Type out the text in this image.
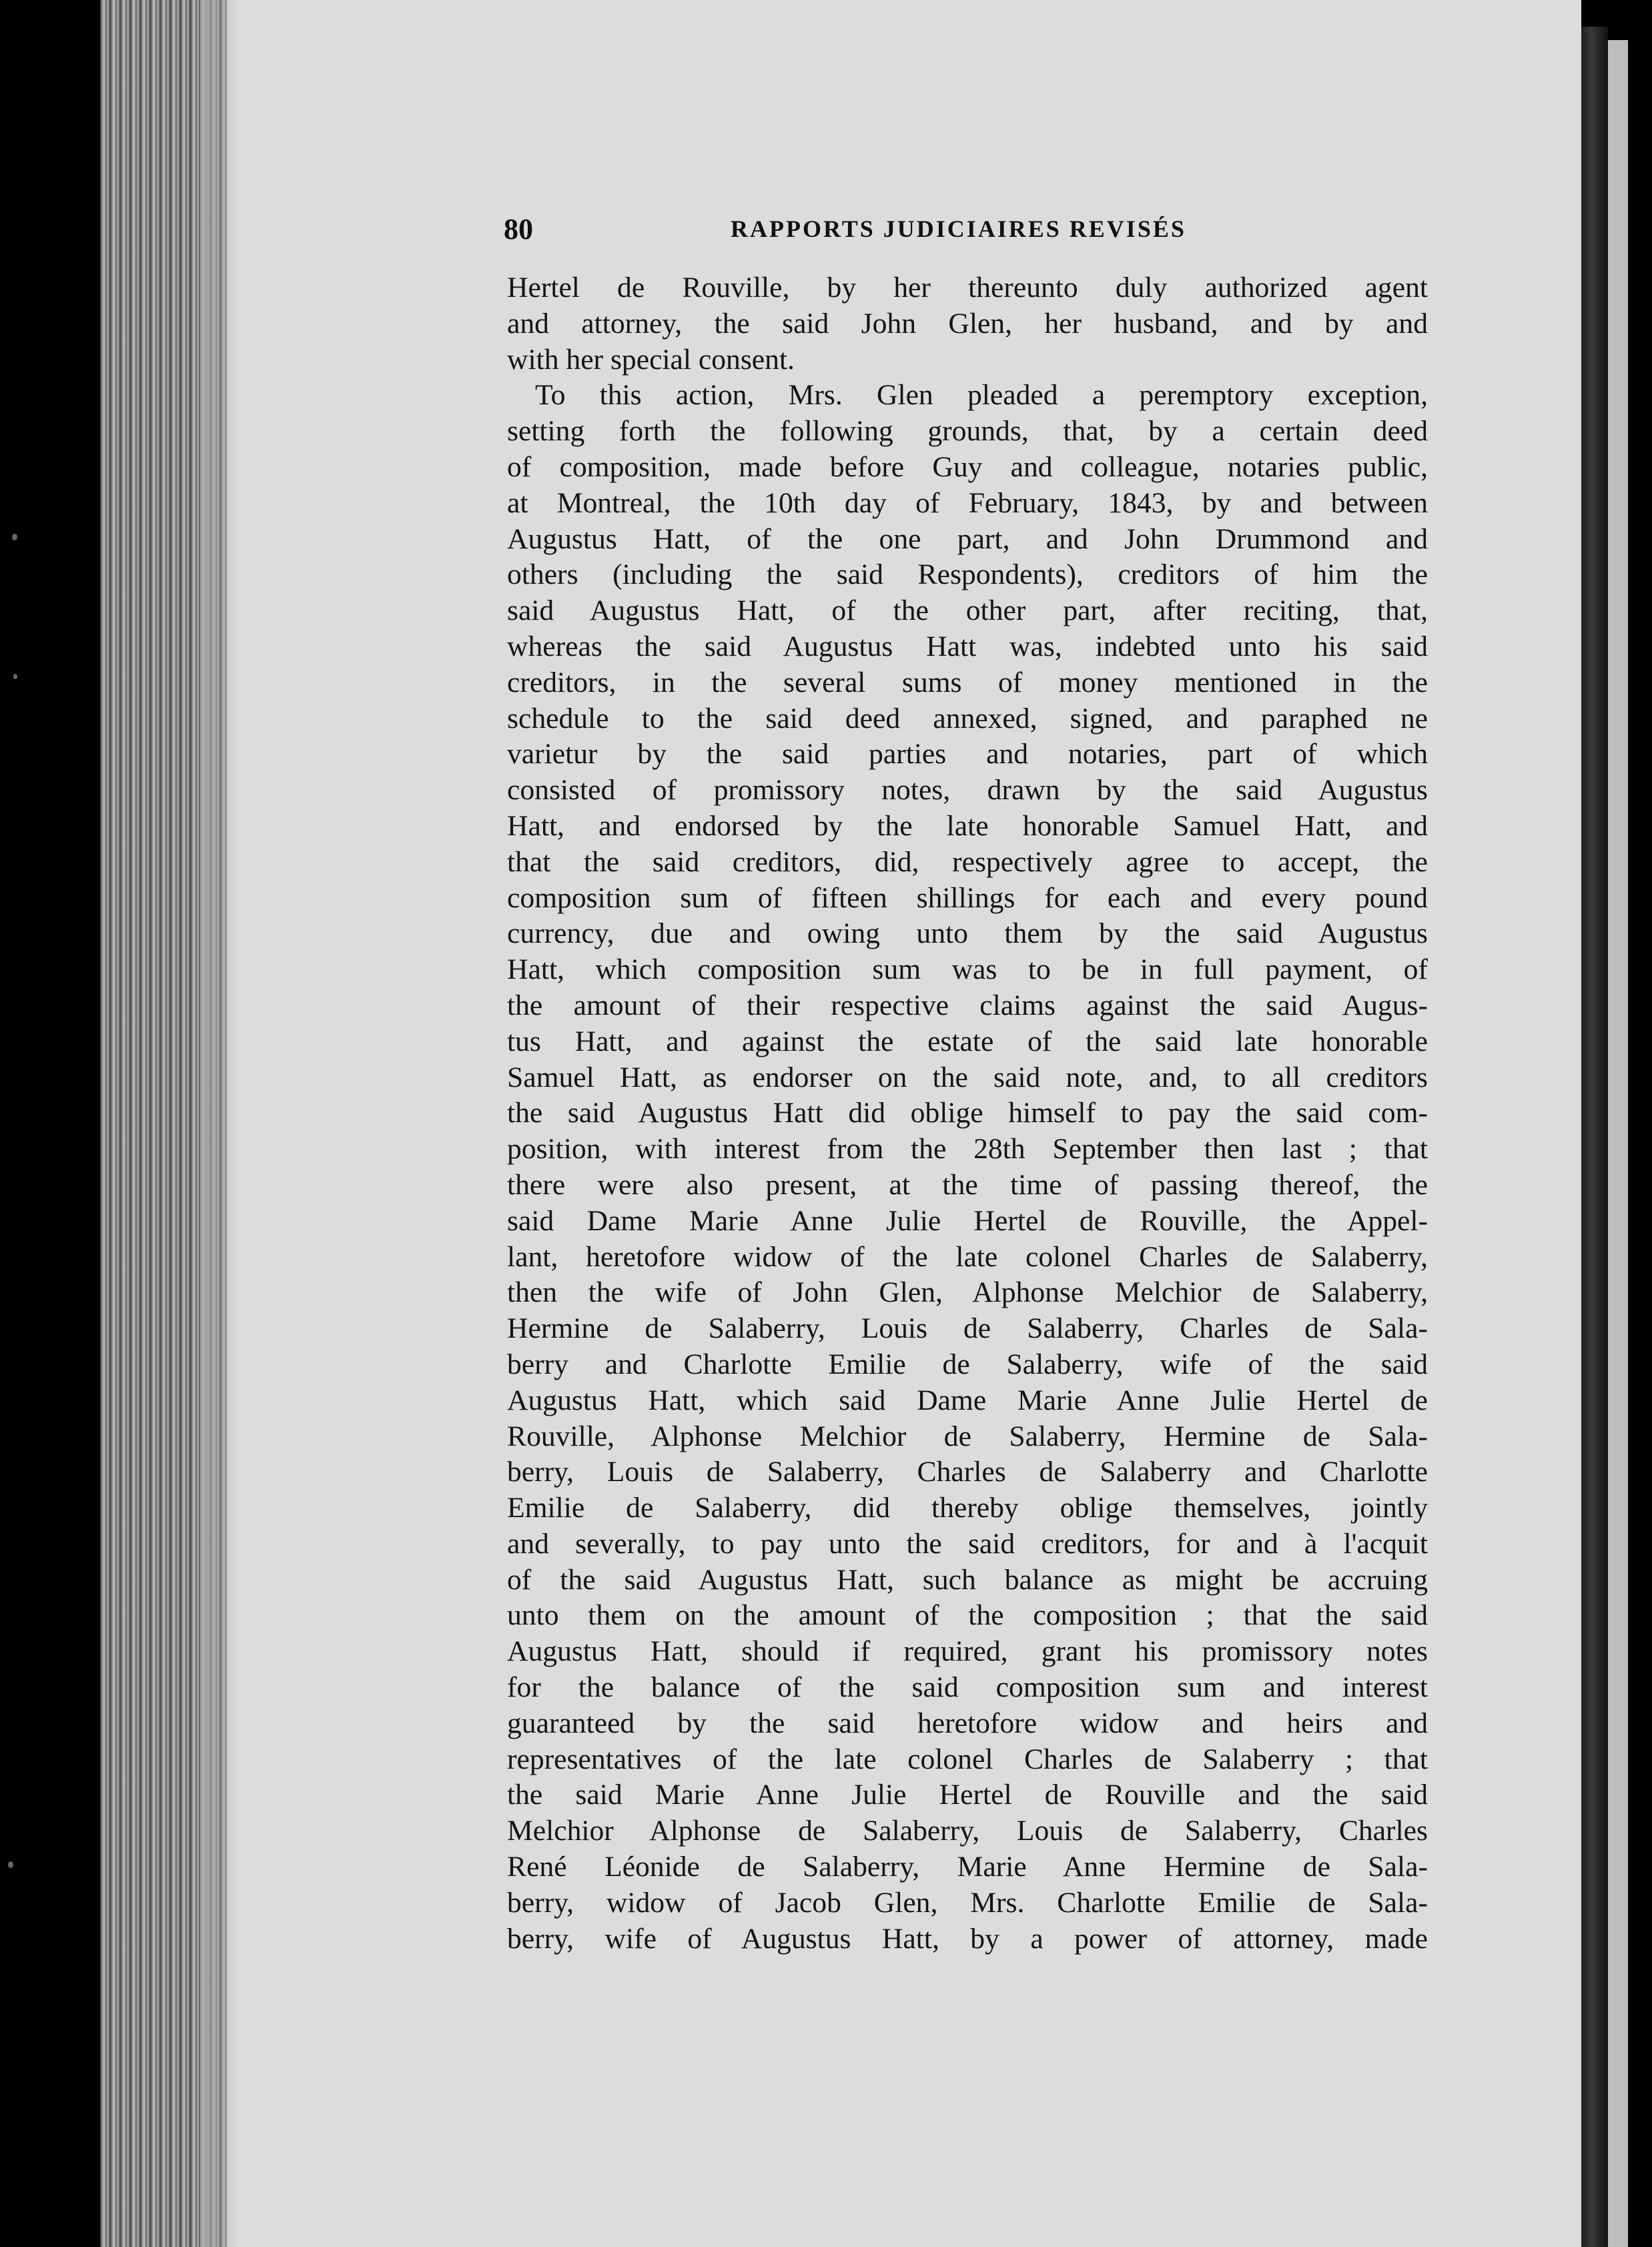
80	RAPPORTS JUDICIAIRES REVISÉS
Hertel de Rouville, by her thereunto duly authorized agent
and attorney, the said John Glen, her husband, and by and
with her special consent.
To this action, Mrs. Glen pleaded a peremptory exception,
setting forth the following grounds, that, by a certain deed
of composition, made before Guy and colleague, notaries public,
at Montreal, the 10th day of February, 1843, by and between
Augustus Hatt, of the one part, and John Drummond and
others (including the said Respondents), creditors of him the
said Augustus Hatt, of the other part, after reciting, that,
whereas the said Augustus Hatt was, indebted unto his said
creditors, in the several sums of money mentioned in the
schedule to the said deed annexed, signed, and paraphed ne
varietur by the said parties and notaries, part of which
consisted of promissory notes, drawn by the said Augustus
Hatt, and endorsed by the late honorable Samuel Hatt, and
that the said creditors, did, respectively agree to accept, the
composition sum of fifteen shillings for each and every pound
currency, due and owing unto them by the said Augustus
Hatt, which composition sum was to be in full payment, of
the amount of their respective claims against the said Augus-
tus Hatt, and against the estate of the said late honorable
Samuel Hatt, as endorser on the said note, and, to all creditors
the said Augustus Hatt did oblige himself to pay the said com-
position, with interest from the 28th September then last ; that
there were also present, at the time of passing thereof, the
said Dame Marie Anne Julie Hertel de Rouville, the Appel-
lant, heretofore widow of the late colonel Charles de Salaberry,
then the wife of John Glen, Alphonse Melchior de Salaberry,
Hermine de Salaberry, Louis de Salaberry, Charles de Sala-
berry and Charlotte Emilie de Salaberry, wife of the said
Augustus Hatt, which said Dame Marie Anne Julie Hertel de
Rouville, Alphonse Melchior de Salaberry, Hermine de Sala-
berry, Louis de Salaberry, Charles de Salaberry and Charlotte
Emilie de Salaberry, did thereby oblige themselves, jointly
and severally, to pay unto the said creditors, for and à l'acquit
of the said Augustus Hatt, such balance as might be accruing
unto them on the amount of the composition ; that the said
Augustus Hatt, should if required, grant his promissory notes
for the balance of the said composition sum and interest
guaranteed by the said heretofore widow and heirs and
representatives of the late colonel Charles de Salaberry ; that
the said Marie Anne Julie Hertel de Rouville and the said
Melchior Alphonse de Salaberry, Louis de Salaberry, Charles
René Léonide de Salaberry, Marie Anne Hermine de Sala-
berry, widow of Jacob Glen, Mrs. Charlotte Emilie de Sala-
berry, wife of Augustus Hatt, by a power of attorney, made
